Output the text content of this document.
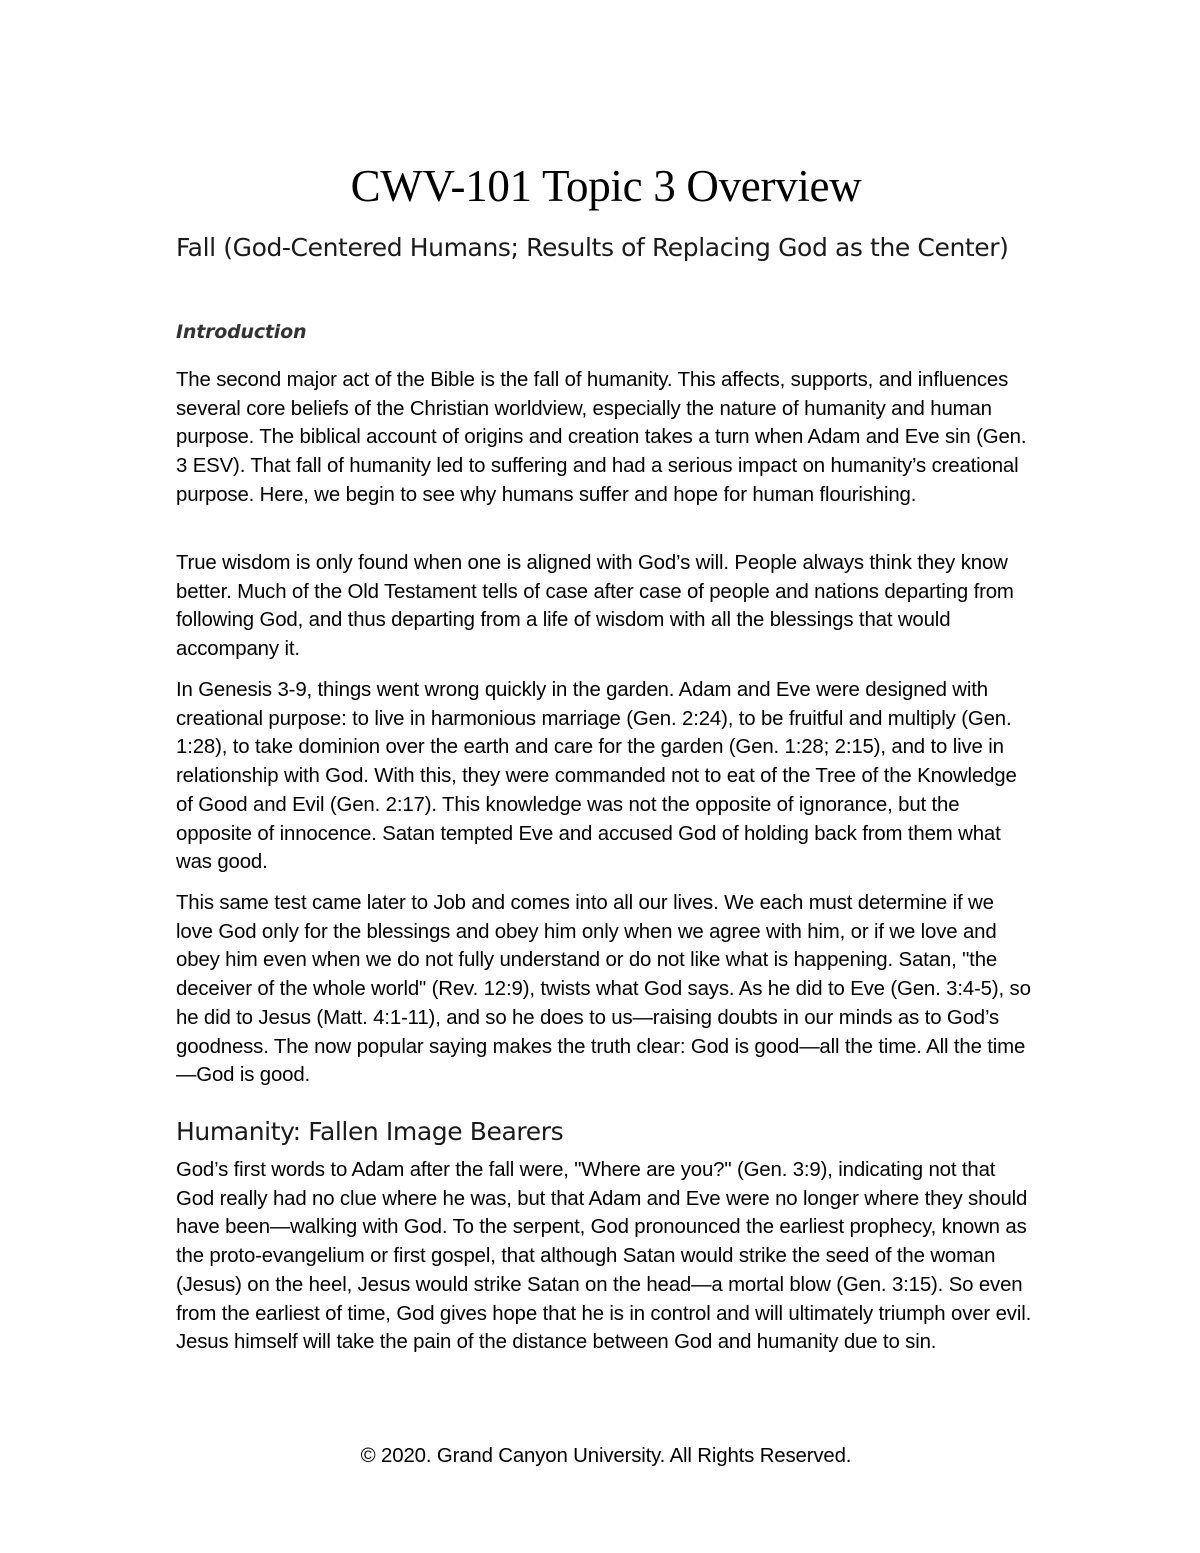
CWV-101 Topic 3 Overview
Fall (God-Centered Humans; Results of Replacing God as the Center)
Introduction

The second major act of the Bible is the fall of humanity. This affects, supports, and influences several core beliefs of the Christian worldview, especially the nature of humanity and human purpose. The biblical account of origins and creation takes a turn when Adam and Eve sin (Gen. 3 ESV). That fall of humanity led to suffering and had a serious impact on humanity’s creational purpose. Here, we begin to see why humans suffer and hope for human flourishing.

True wisdom is only found when one is aligned with God’s will. People always think they know better. Much of the Old Testament tells of case after case of people and nations departing from following God, and thus departing from a life of wisdom with all the blessings that would accompany it.

In Genesis 3-9, things went wrong quickly in the garden. Adam and Eve were designed with creational purpose: to live in harmonious marriage (Gen. 2:24), to be fruitful and multiply (Gen. 1:28), to take dominion over the earth and care for the garden (Gen. 1:28; 2:15), and to live in relationship with God. With this, they were commanded not to eat of the Tree of the Knowledge of Good and Evil (Gen. 2:17). This knowledge was not the opposite of ignorance, but the opposite of innocence. Satan tempted Eve and accused God of holding back from them what was good.

This same test came later to Job and comes into all our lives. We each must determine if we love God only for the blessings and obey him only when we agree with him, or if we love and obey him even when we do not fully understand or do not like what is happening. Satan, "the deceiver of the whole world" (Rev. 12:9), twists what God says. As he did to Eve (Gen. 3:4-5), so he did to Jesus (Matt. 4:1-11), and so he does to us—raising doubts in our minds as to God’s goodness. The now popular saying makes the truth clear: God is good—all the time. All the time—God is good.

Humanity: Fallen Image Bearers

God’s first words to Adam after the fall were, "Where are you?" (Gen. 3:9), indicating not that God really had no clue where he was, but that Adam and Eve were no longer where they should have been—walking with God. To the serpent, God pronounced the earliest prophecy, known as the proto-evangelium or first gospel, that although Satan would strike the seed of the woman (Jesus) on the heel, Jesus would strike Satan on the head—a mortal blow (Gen. 3:15). So even from the earliest of time, God gives hope that he is in control and will ultimately triumph over evil. Jesus himself will take the pain of the distance between God and humanity due to sin.

© 2020. Grand Canyon University. All Rights Reserved.
